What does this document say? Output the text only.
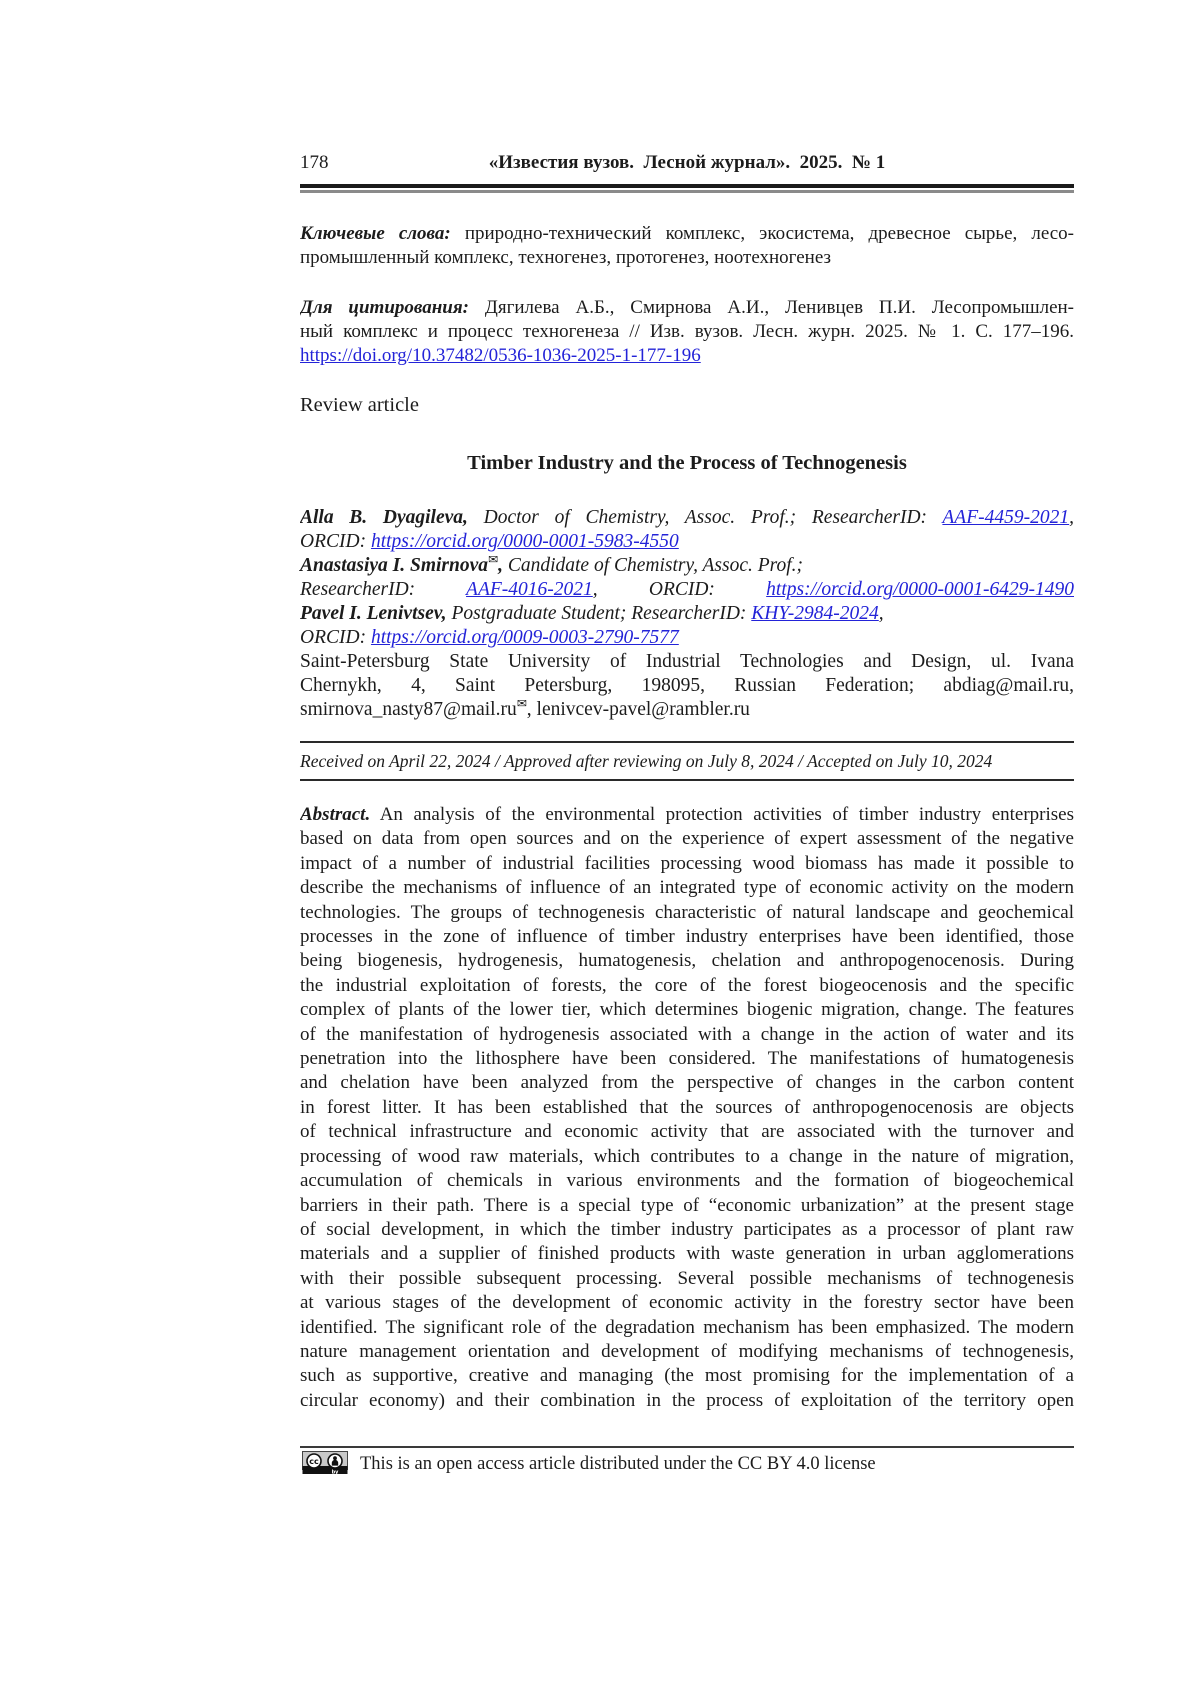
178	«Известия вузов.  Лесной журнал».  2025.  № 1
Ключевые слова: природно-технический комплекс, экосистема, древесное сырье, лесо-
промышленный комплекс, техногенез, протогенез, ноотехногенез
Для цитирования: Дягилева А.Б., Смирнова А.И., Ленивцев П.И. Лесопромышлен-
ный комплекс и процесс техногенеза // Изв. вузов. Лесн. журн. 2025. № 1. С. 177–196.
https://doi.org/10.37482/0536-1036-2025-1-177-196
Review article
Timber Industry and the Process of Technogenesis
Alla B. Dyagileva, Doctor of Chemistry, Assoc. Prof.; ResearcherID: AAF-4459-2021,
ORCID: https://orcid.org/0000-0001-5983-4550
Anastasiya I. Smirnova✉, Candidate of Chemistry, Assoc. Prof.;
ResearcherID:	AAF-4016-2021, ORCID:	https://orcid.org/0000-0001-6429-1490
Pavel I. Lenivtsev, Postgraduate Student; ResearcherID: KHY-2984-2024,
ORCID: https://orcid.org/0009-0003-2790-7577
Saint-Petersburg State University of Industrial Technologies and Design, ul. Ivana
Chernykh, 4, Saint Petersburg, 198095, Russian Federation; abdiag@mail.ru,
smirnova_nasty87@mail.ru✉, lenivcev-pavel@rambler.ru
Received on April 22, 2024 / Approved after reviewing on July 8, 2024 / Accepted on July 10, 2024
Abstract. An analysis of the environmental protection activities of timber industry enterprises
based on data from open sources and on the experience of expert assessment of the negative
impact of a number of industrial facilities processing wood biomass has made it possible to
describe the mechanisms of influence of an integrated type of economic activity on the modern
technologies. The groups of technogenesis characteristic of natural landscape and geochemical
processes in the zone of influence of timber industry enterprises have been identified, those
being biogenesis, hydrogenesis, humatogenesis, chelation and anthropogenocenosis. During
the industrial exploitation of forests, the core of the forest biogeocenosis and the specific
complex of plants of the lower tier, which determines biogenic migration, change. The features
of the manifestation of hydrogenesis associated with a change in the action of water and its
penetration into the lithosphere have been considered. The manifestations of humatogenesis
and chelation have been analyzed from the perspective of changes in the carbon content
in forest litter. It has been established that the sources of anthropogenocenosis are objects
of technical infrastructure and economic activity that are associated with the turnover and
processing of wood raw materials, which contributes to a change in the nature of migration,
accumulation of chemicals in various environments and the formation of biogeochemical
barriers in their path. There is a special type of “economic urbanization” at the present stage
of social development, in which the timber industry participates as a processor of plant raw
materials and a supplier of finished products with waste generation in urban agglomerations
with their possible subsequent processing. Several possible mechanisms of technogenesis
at various stages of the development of economic activity in the forestry sector have been
identified. The significant role of the degradation mechanism has been emphasized. The modern
nature management orientation and development of modifying mechanisms of technogenesis,
such as supportive, creative and managing (the most promising for the implementation of a
circular economy) and their combination in the process of exploitation of the territory open
cc
by This is an open access article distributed under the CC BY 4.0 license
